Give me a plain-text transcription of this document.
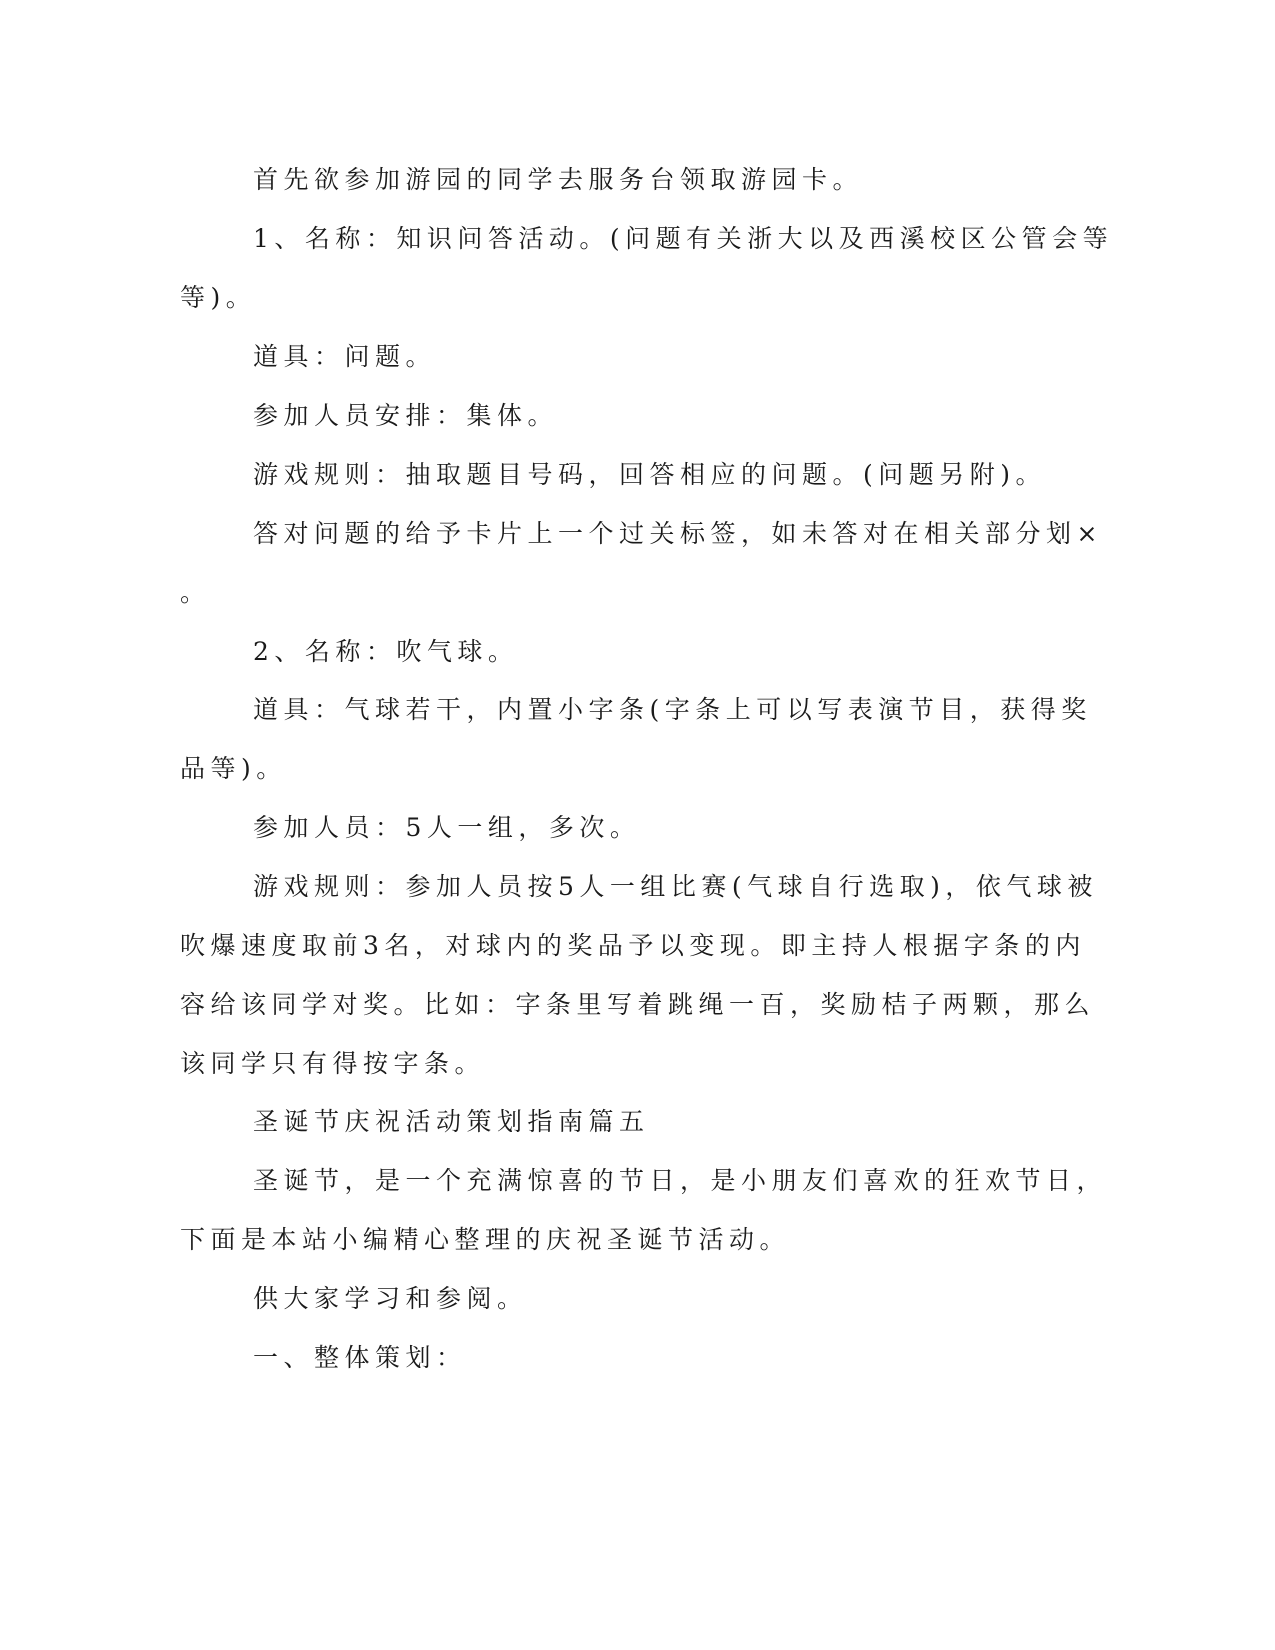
首先欲参加游园的同学去服务台领取游园卡。

1、名称：知识问答活动。(问题有关浙大以及西溪校区公管会等

等)。

道具：问题。

参加人员安排：集体。

游戏规则：抽取题目号码，回答相应的问题。(问题另附)。

答对问题的给予卡片上一个过关标签，如未答对在相关部分划×

。

2、名称：吹气球。

道具：气球若干，内置小字条(字条上可以写表演节目，获得奖

品等)。

参加人员：5人一组，多次。

游戏规则：参加人员按5人一组比赛(气球自行选取)，依气球被

吹爆速度取前3名，对球内的奖品予以变现。即主持人根据字条的内

容给该同学对奖。比如：字条里写着跳绳一百，奖励桔子两颗，那么

该同学只有得按字条。

圣诞节庆祝活动策划指南篇五

圣诞节，是一个充满惊喜的节日，是小朋友们喜欢的狂欢节日，

下面是本站小编精心整理的庆祝圣诞节活动。

供大家学习和参阅。

一、整体策划：
